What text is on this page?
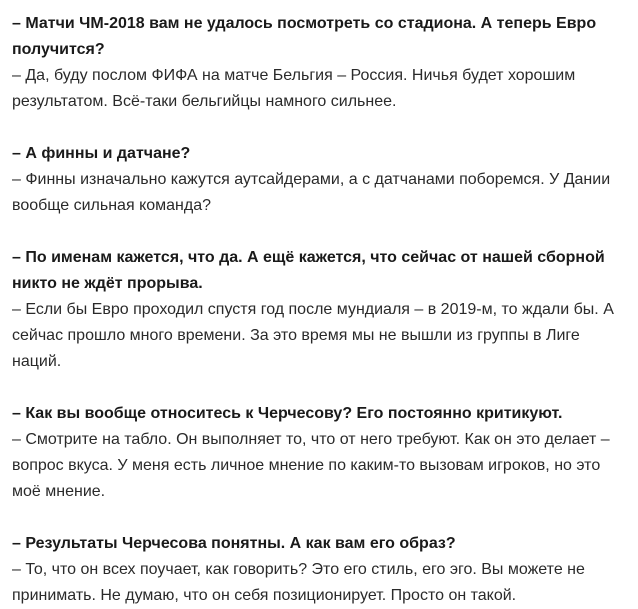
– Матчи ЧМ-2018 вам не удалось посмотреть со стадиона. А теперь Евро получится?

– Да, буду послом ФИФА на матче Бельгия – Россия. Ничья будет хорошим результатом. Всё-таки бельгийцы намного сильнее.

– А финны и датчане?

– Финны изначально кажутся аутсайдерами, а с датчанами поборемся. У Дании вообще сильная команда?

– По именам кажется, что да. А ещё кажется, что сейчас от нашей сборной никто не ждёт прорыва.

– Если бы Евро проходил спустя год после мундиаля – в 2019-м, то ждали бы. А сейчас прошло много времени. За это время мы не вышли из группы в Лиге наций.

– Как вы вообще относитесь к Черчесову? Его постоянно критикуют.

– Смотрите на табло. Он выполняет то, что от него требуют. Как он это делает – вопрос вкуса. У меня есть личное мнение по каким-то вызовам игроков, но это моё мнение.

– Результаты Черчесова понятны. А как вам его образ?

– То, что он всех поучает, как говорить? Это его стиль, его эго. Вы можете не принимать. Не думаю, что он себя позиционирует. Просто он такой.
